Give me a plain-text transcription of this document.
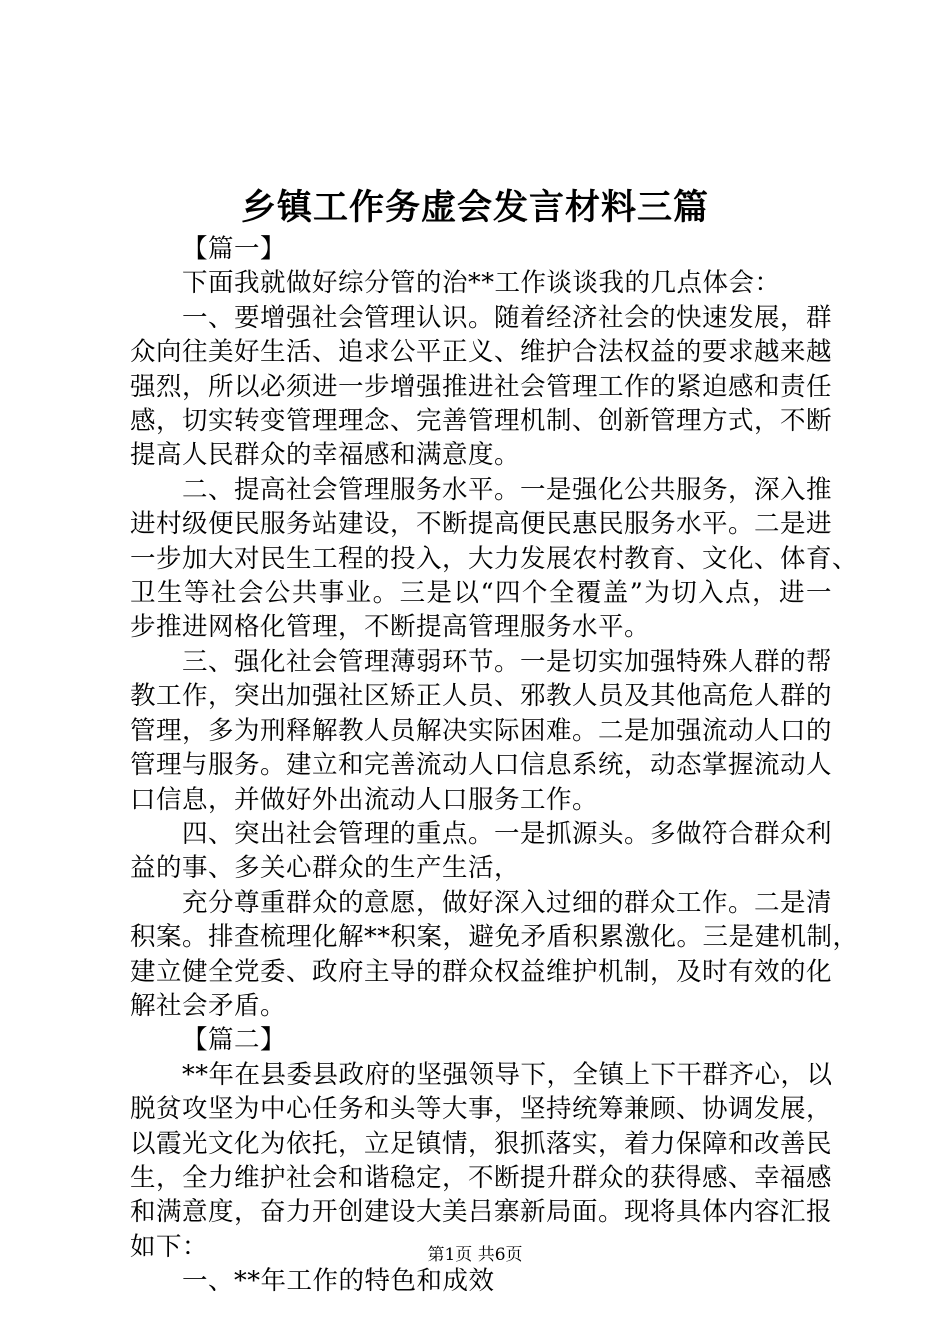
乡镇工作务虚会发言材料三篇
【篇一】
下面我就做好综分管的治**工作谈谈我的几点体会：
一、要增强社会管理认识。随着经济社会的快速发展，群
众向往美好生活、追求公平正义、维护合法权益的要求越来越
强烈，所以必须进一步增强推进社会管理工作的紧迫感和责任
感，切实转变管理理念、完善管理机制、创新管理方式，不断
提高人民群众的幸福感和满意度。
二、提高社会管理服务水平。一是强化公共服务，深入推
进村级便民服务站建设，不断提高便民惠民服务水平。二是进
一步加大对民生工程的投入，大力发展农村教育、文化、体育、
卫生等社会公共事业。三是以“四个全覆盖”为切入点，进一
步推进网格化管理，不断提高管理服务水平。
三、强化社会管理薄弱环节。一是切实加强特殊人群的帮
教工作，突出加强社区矫正人员、邪教人员及其他高危人群的
管理，多为刑释解教人员解决实际困难。二是加强流动人口的
管理与服务。建立和完善流动人口信息系统，动态掌握流动人
口信息，并做好外出流动人口服务工作。
四、突出社会管理的重点。一是抓源头。多做符合群众利
益的事、多关心群众的生产生活，
充分尊重群众的意愿，做好深入过细的群众工作。二是清
积案。排查梳理化解**积案，避免矛盾积累激化。三是建机制，
建立健全党委、政府主导的群众权益维护机制，及时有效的化
解社会矛盾。
【篇二】
**年在县委县政府的坚强领导下，全镇上下干群齐心，以
脱贫攻坚为中心任务和头等大事，坚持统筹兼顾、协调发展，
以霞光文化为依托，立足镇情，狠抓落实，着力保障和改善民
生，全力维护社会和谐稳定，不断提升群众的获得感、幸福感
和满意度，奋力开创建设大美吕寨新局面。现将具体内容汇报
如下：
一、**年工作的特色和成效
第1页 共6页
